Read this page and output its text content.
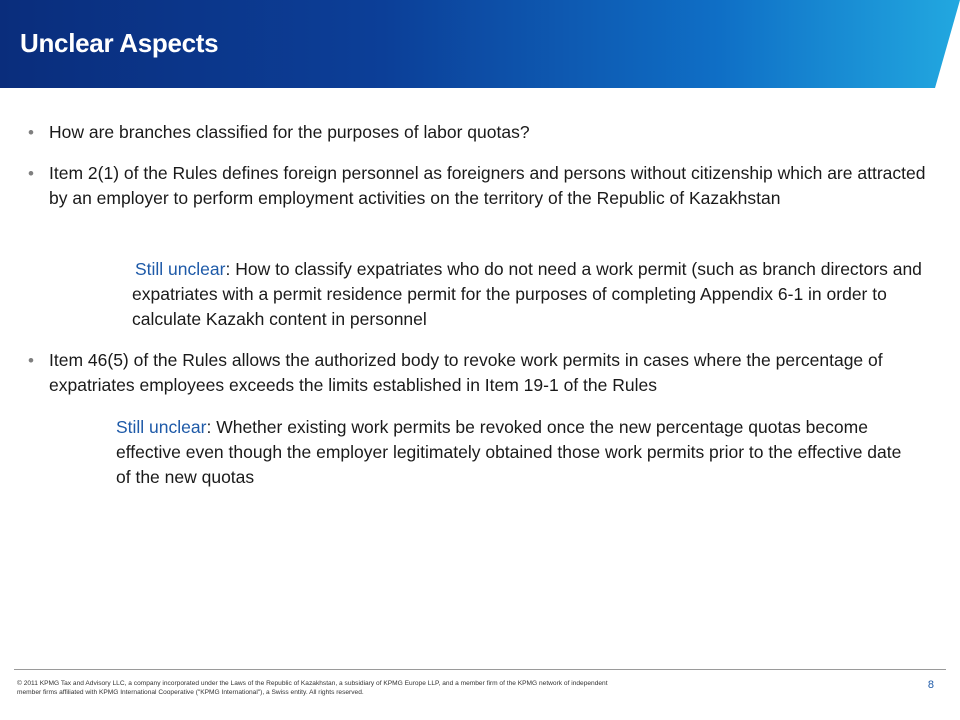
Unclear Aspects
• How are branches classified for the purposes of labor quotas?
• Item 2(1) of the Rules defines foreign personnel as foreigners and persons without citizenship which are attracted by an employer to perform employment activities on the territory of the Republic of Kazakhstan
Still unclear: How to classify expatriates who do not need a work permit (such as branch directors and expatriates with a permit residence permit for the purposes of completing Appendix 6-1 in order to calculate Kazakh content in personnel
• Item 46(5) of the Rules allows the authorized body to revoke work permits in cases where the percentage of expatriates employees exceeds the limits established in Item 19-1 of the Rules
Still unclear: Whether existing work permits be revoked once the new percentage quotas become effective even though the employer legitimately obtained those work permits prior to the effective date of the new quotas
© 2011 KPMG Tax and Advisory LLC, a company incorporated under the Laws of the Republic of Kazakhstan, a subsidiary of KPMG Europe LLP, and a member firm of the KPMG network of independent member firms affiliated with KPMG International Cooperative ("KPMG International"), a Swiss entity. All rights reserved.
8
